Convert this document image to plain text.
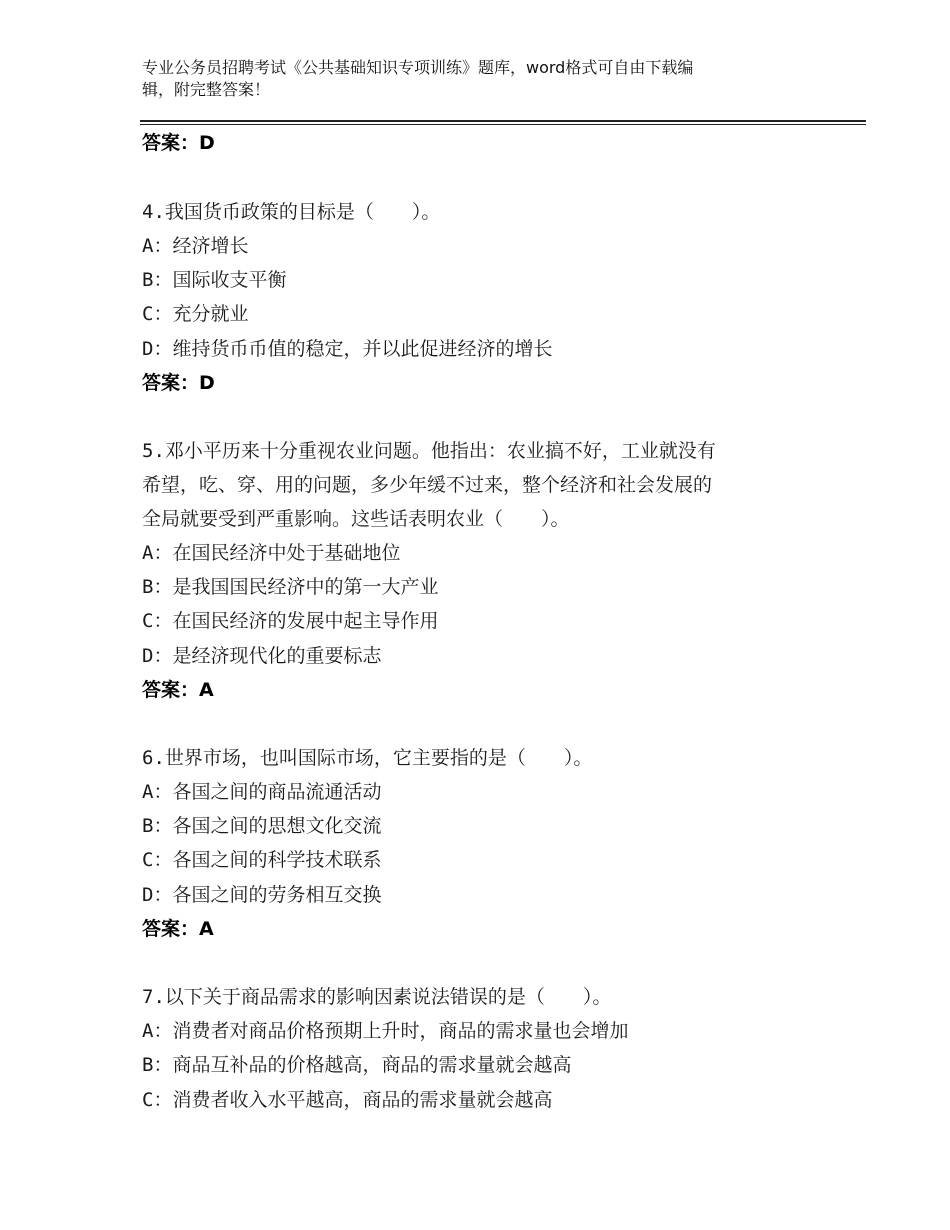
专业公务员招聘考试《公共基础知识专项训练》题库，word格式可自由下载编
辑，附完整答案！
答案：D
4.我国货币政策的目标是（　　）。
A：经济增长
B：国际收支平衡
C：充分就业
D：维持货币币值的稳定，并以此促进经济的增长
答案：D
5.邓小平历来十分重视农业问题。他指出：农业搞不好，工业就没有
希望，吃、穿、用的问题，多少年缓不过来，整个经济和社会发展的
全局就要受到严重影响。这些话表明农业（　　）。
A：在国民经济中处于基础地位
B：是我国国民经济中的第一大产业
C：在国民经济的发展中起主导作用
D：是经济现代化的重要标志
答案：A
6.世界市场，也叫国际市场，它主要指的是（　　）。
A：各国之间的商品流通活动
B：各国之间的思想文化交流
C：各国之间的科学技术联系
D：各国之间的劳务相互交换
答案：A
7.以下关于商品需求的影响因素说法错误的是（　　）。
A：消费者对商品价格预期上升时，商品的需求量也会增加
B：商品互补品的价格越高，商品的需求量就会越高
C：消费者收入水平越高，商品的需求量就会越高
